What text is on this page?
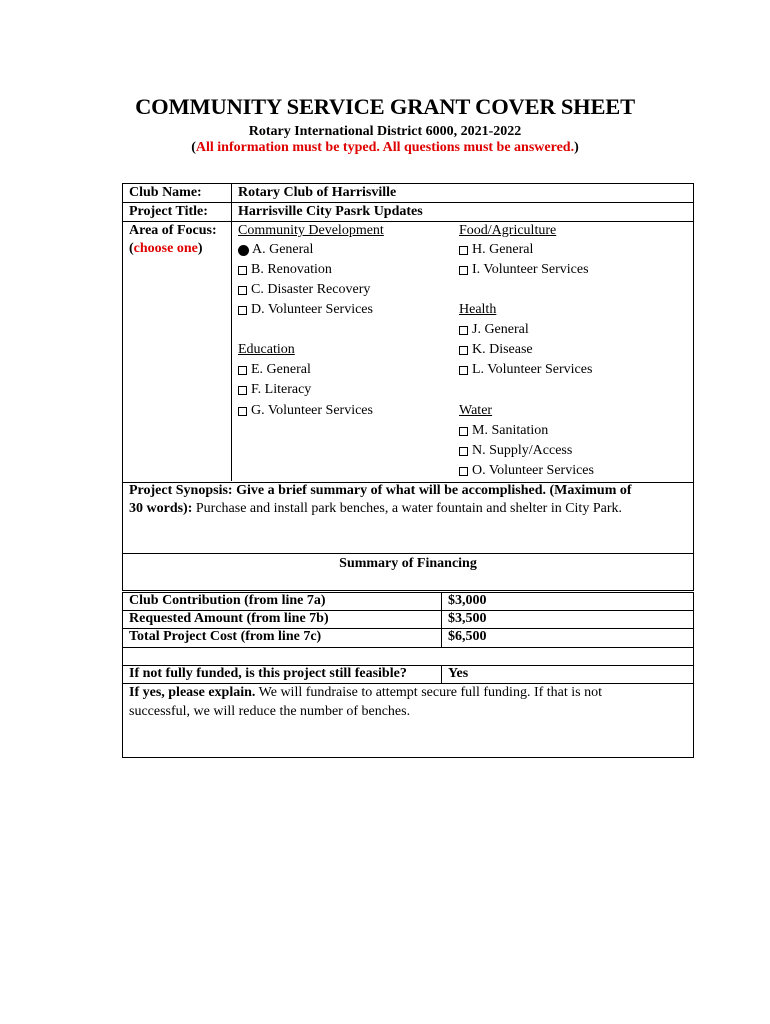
COMMUNITY SERVICE GRANT COVER SHEET
Rotary International District 6000, 2021-2022
(All information must be typed. All questions must be answered.)
Club Name:	Rotary Club of Harrisville
Project Title: Harrisville City Pasrk Updates
Area of Focus:
(choose one)
Community Development
A. General
B. Renovation
C. Disaster Recovery
D. Volunteer Services
Education
E. General
F. Literacy
G. Volunteer Services
Food/Agriculture
H. General
I. Volunteer Services
Health
J. General
K. Disease
L. Volunteer Services
Water
M. Sanitation
N. Supply/Access
O. Volunteer Services
Project Synopsis: Give a brief summary of what will be accomplished. (Maximum of
30 words): Purchase and install park benches, a water fountain and shelter in City Park.
Summary of Financing
Club Contribution (from line 7a)	$3,000
Requested Amount (from line 7b)	$3,500
Total Project Cost (from line 7c)	$6,500
If not fully funded, is this project still feasible?	Yes
If yes, please explain. We will fundraise to attempt secure full funding. If that is not
successful, we will reduce the number of benches.
